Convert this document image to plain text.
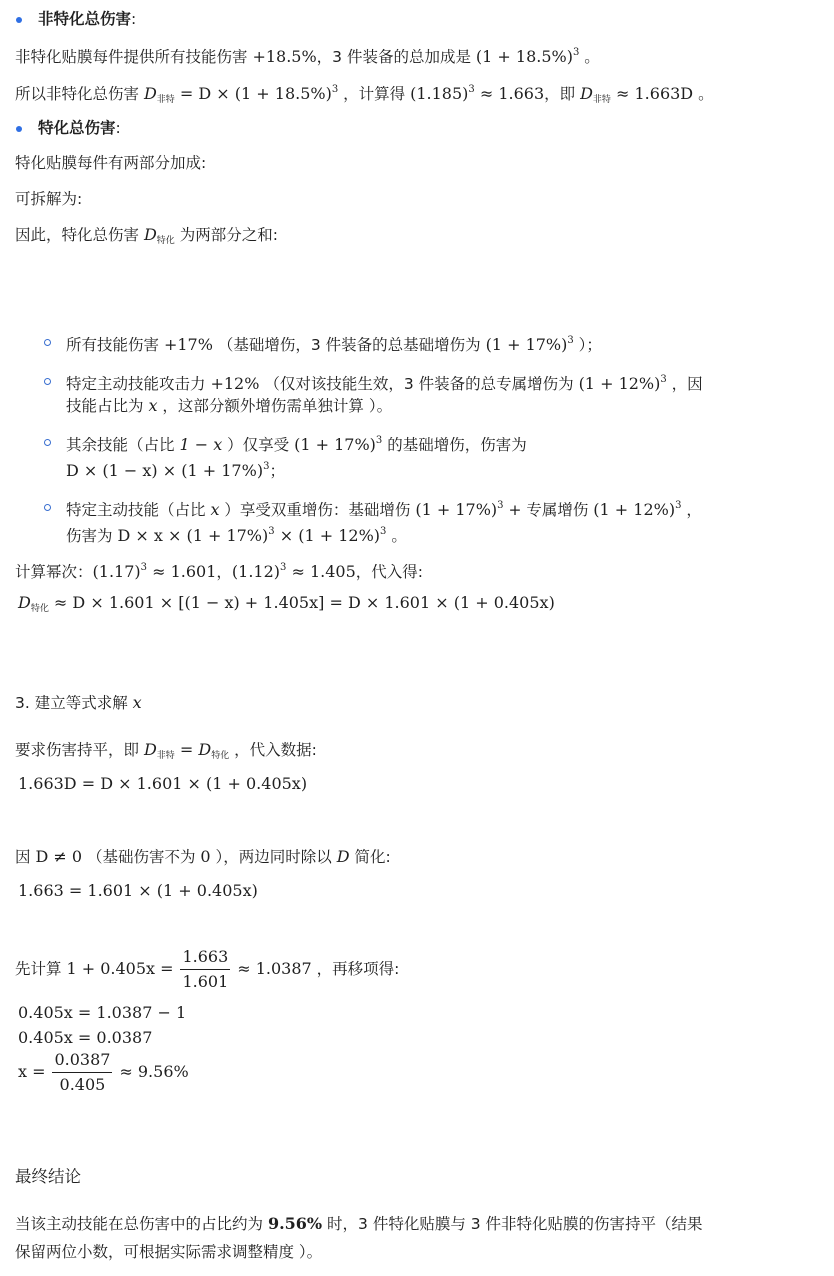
非特化总伤害:
非特化贴膜每件提供所有技能伤害 +18.5%，3 件装备的总加成是 $(1 + 18.5\%)^3$ 。
所以非特化总伤害 $D_{非特} = D \times (1 + 18.5\%)^3$ ，计算得 $(1.185)^3 \approx 1.663$，即 $D_{非特} \approx 1.663D$ 。
特化总伤害:
特化贴膜每件有两部分加成:
可拆解为:
因此，特化总伤害 $D_{特化}$ 为两部分之和:
所有技能伤害 +17% （基础增伤，3 件装备的总基础增伤为 $(1 + 17\%)^3$ ）；
特定主动技能攻击力 +12% （仅对该技能生效，3 件装备的总专属增伤为 $(1 + 12\%)^3$ ，因
技能占比为 x ，这部分额外增伤需单独计算 ）。
其余技能（占比 1 − x ）仅享受 $(1 + 17\%)^3$ 的基础增伤，伤害为
$D \times (1 - x) \times (1 + 17\%)^3$；
特定主动技能（占比 x ）享受双重增伤：基础增伤 $(1 + 17\%)^3$ + 专属增伤 $(1 + 12\%)^3$ ，
伤害为 $D \times x \times (1 + 17\%)^3 \times (1 + 12\%)^3$ 。
计算幂次：$(1.17)^3 \approx 1.601$，$(1.12)^3 \approx 1.405$，代入得:
$D_{特化} \approx D \times 1.601 \times [(1 - x) + 1.405x] = D \times 1.601 \times (1 + 0.405x)$
3. 建立等式求解 x
要求伤害持平，即 $D_{非特} = D_{特化}$ ，代入数据:
1.663D = D × 1.601 × (1 + 0.405x)
因 D ≠ 0 （基础伤害不为 0 ），两边同时除以 D 简化:
1.663 = 1.601 × (1 + 0.405x)
先计算 $1 + 0.405x = \frac{1.663}{1.601} \approx 1.0387$ ，再移项得:
0.405x = 1.0387 − 1
0.405x = 0.0387
$x = \frac{0.0387}{0.405} \approx 9.56\%$
最终结论
当该主动技能在总伤害中的占比约为 9.56% 时，3 件特化贴膜与 3 件非特化贴膜的伤害持平（结果
保留两位小数，可根据实际需求调整精度 ）。
